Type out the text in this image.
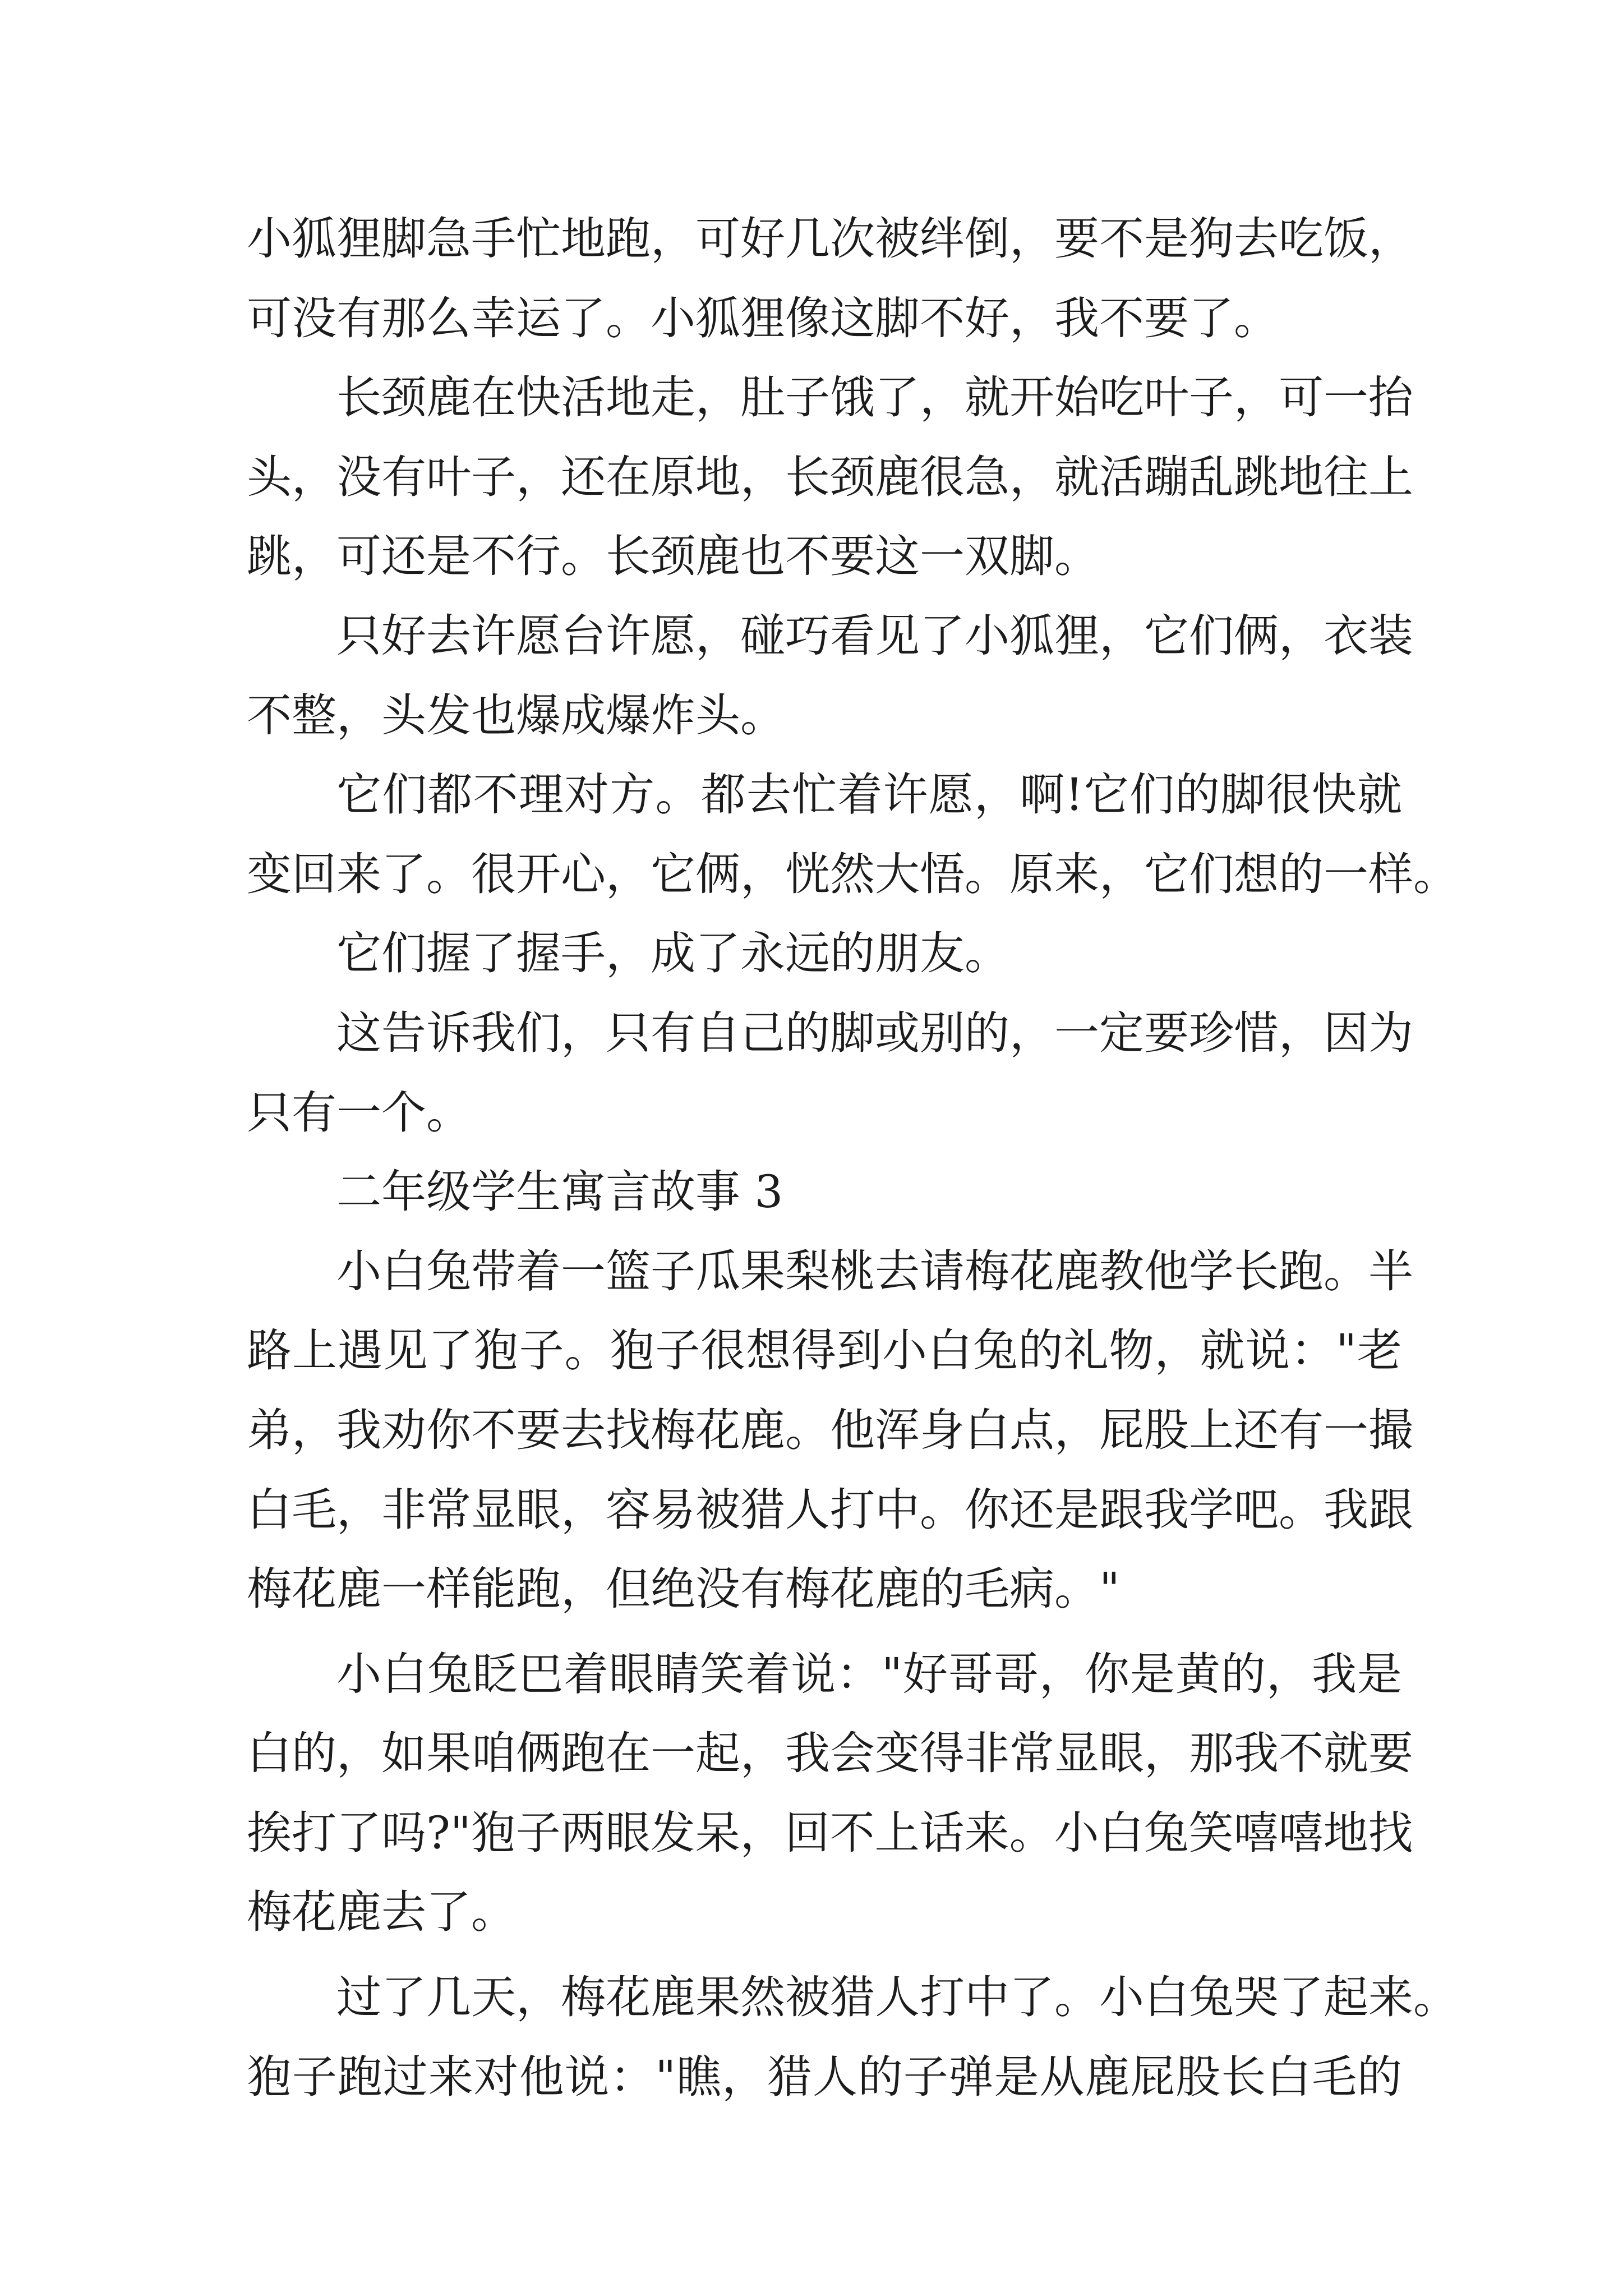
小狐狸脚急手忙地跑，可好几次被绊倒，要不是狗去吃饭，
可没有那么幸运了。小狐狸像这脚不好，我不要了。
长颈鹿在快活地走，肚子饿了，就开始吃叶子，可一抬
头，没有叶子，还在原地，长颈鹿很急，就活蹦乱跳地往上
跳，可还是不行。长颈鹿也不要这一双脚。
只好去许愿台许愿，碰巧看见了小狐狸，它们俩，衣装
不整，头发也爆成爆炸头。
它们都不理对方。都去忙着许愿，啊!它们的脚很快就
变回来了。很开心，它俩，恍然大悟。原来，它们想的一样。
它们握了握手，成了永远的朋友。
这告诉我们，只有自己的脚或别的，一定要珍惜，因为
只有一个。
二年级学生寓言故事 3
小白兔带着一篮子瓜果梨桃去请梅花鹿教他学长跑。半
路上遇见了狍子。狍子很想得到小白兔的礼物，就说："老
弟，我劝你不要去找梅花鹿。他浑身白点，屁股上还有一撮
白毛，非常显眼，容易被猎人打中。你还是跟我学吧。我跟
梅花鹿一样能跑，但绝没有梅花鹿的毛病。"
小白兔眨巴着眼睛笑着说："好哥哥，你是黄的，我是
白的，如果咱俩跑在一起，我会变得非常显眼，那我不就要
挨打了吗?"狍子两眼发呆，回不上话来。小白兔笑嘻嘻地找
梅花鹿去了。
过了几天，梅花鹿果然被猎人打中了。小白兔哭了起来。
狍子跑过来对他说："瞧，猎人的子弹是从鹿屁股长白毛的
